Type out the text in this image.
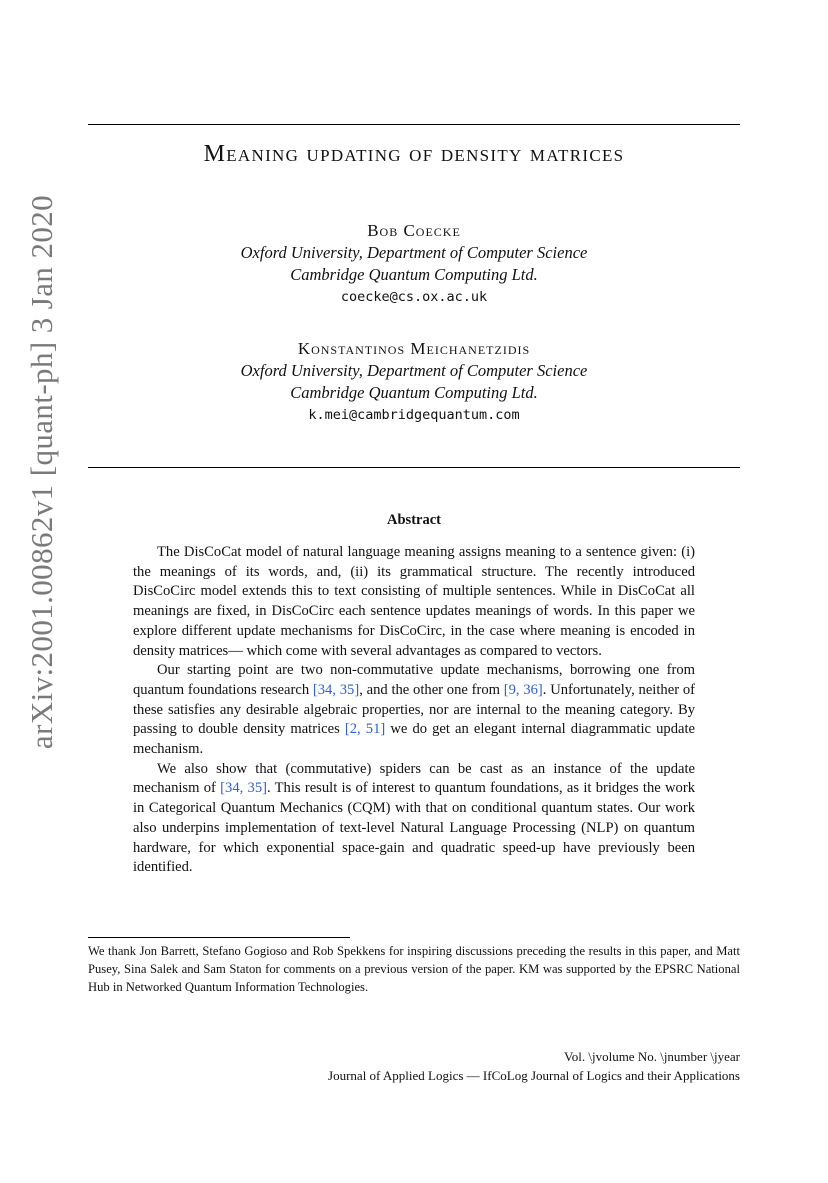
arXiv:2001.00862v1 [quant-ph] 3 Jan 2020
Meaning updating of density matrices
Bob Coecke
Oxford University, Department of Computer Science
Cambridge Quantum Computing Ltd.
coecke@cs.ox.ac.uk
Konstantinos Meichanetzidis
Oxford University, Department of Computer Science
Cambridge Quantum Computing Ltd.
k.mei@cambridgequantum.com
Abstract

The DisCoCat model of natural language meaning assigns meaning to a sentence given: (i) the meanings of its words, and, (ii) its grammatical structure. The recently introduced DisCoCirc model extends this to text consisting of multiple sentences. While in DisCoCat all meanings are fixed, in DisCoCirc each sentence updates meanings of words. In this paper we explore different update mechanisms for DisCoCirc, in the case where meaning is encoded in density matrices— which come with several advantages as compared to vectors.

Our starting point are two non-commutative update mechanisms, borrowing one from quantum foundations research [34, 35], and the other one from [9, 36]. Unfortunately, neither of these satisfies any desirable algebraic properties, nor are internal to the meaning category. By passing to double density matrices [2, 51] we do get an elegant internal diagrammatic update mechanism.

We also show that (commutative) spiders can be cast as an instance of the update mechanism of [34, 35]. This result is of interest to quantum foundations, as it bridges the work in Categorical Quantum Mechanics (CQM) with that on conditional quantum states. Our work also underpins implementation of text-level Natural Language Processing (NLP) on quantum hardware, for which exponential space-gain and quadratic speed-up have previously been identified.

We thank Jon Barrett, Stefano Gogioso and Rob Spekkens for inspiring discussions preceding the results in this paper, and Matt Pusey, Sina Salek and Sam Staton for comments on a previous version of the paper. KM was supported by the EPSRC National Hub in Networked Quantum Information Technologies.
Vol. \jvolume No. \jnumber \jyear
Journal of Applied Logics — IfCoLog Journal of Logics and their Applications
